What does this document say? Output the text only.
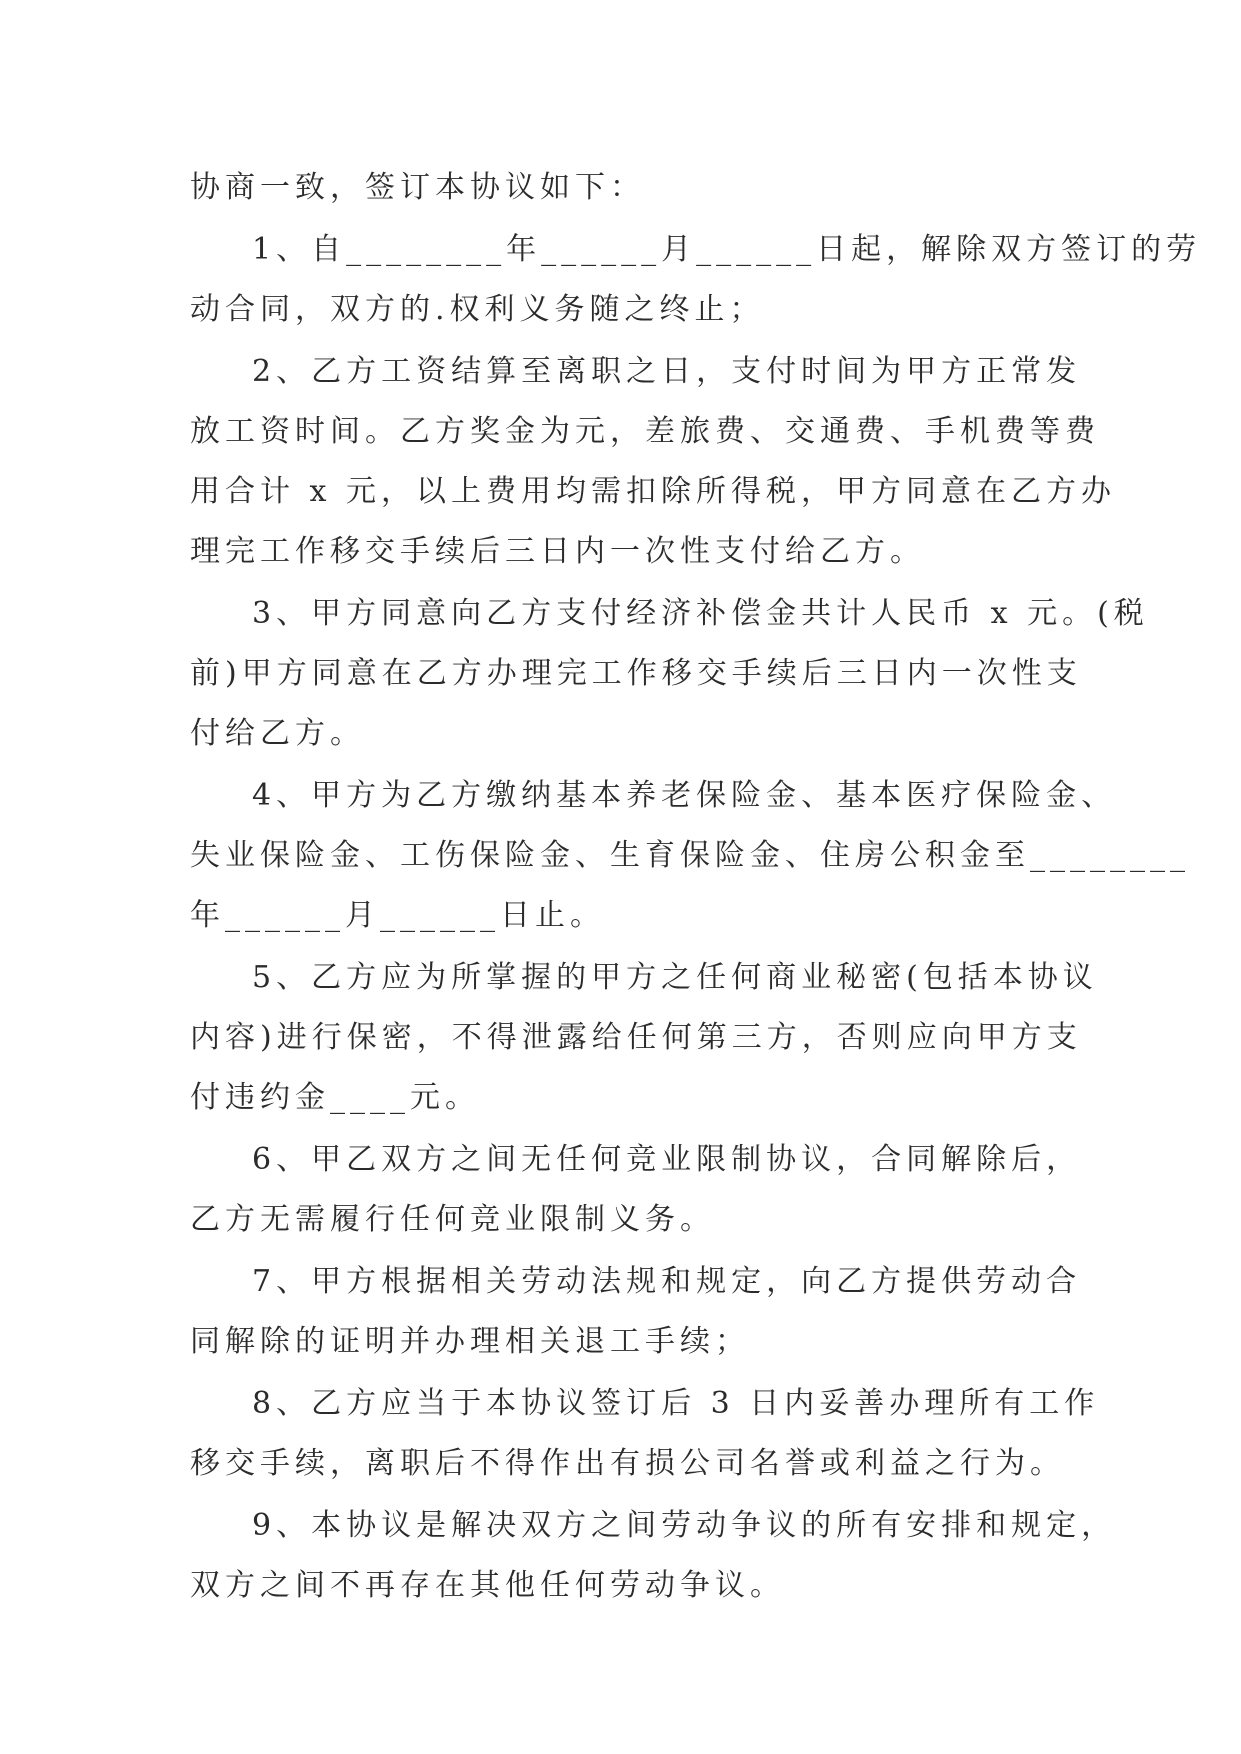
协商一致，签订本协议如下：
1、自________年______月______日起，解除双方签订的劳
动合同，双方的.权利义务随之终止；
2、乙方工资结算至离职之日，支付时间为甲方正常发
放工资时间。乙方奖金为元，差旅费、交通费、手机费等费
用合计 x 元，以上费用均需扣除所得税，甲方同意在乙方办
理完工作移交手续后三日内一次性支付给乙方。
3、甲方同意向乙方支付经济补偿金共计人民币 x 元。(税
前)甲方同意在乙方办理完工作移交手续后三日内一次性支
付给乙方。
4、甲方为乙方缴纳基本养老保险金、基本医疗保险金、
失业保险金、工伤保险金、生育保险金、住房公积金至________
年______月______日止。
5、乙方应为所掌握的甲方之任何商业秘密(包括本协议
内容)进行保密，不得泄露给任何第三方，否则应向甲方支
付违约金____元。
6、甲乙双方之间无任何竞业限制协议，合同解除后，
乙方无需履行任何竞业限制义务。
7、甲方根据相关劳动法规和规定，向乙方提供劳动合
同解除的证明并办理相关退工手续；
8、乙方应当于本协议签订后 3 日内妥善办理所有工作
移交手续，离职后不得作出有损公司名誉或利益之行为。
9、本协议是解决双方之间劳动争议的所有安排和规定，
双方之间不再存在其他任何劳动争议。
